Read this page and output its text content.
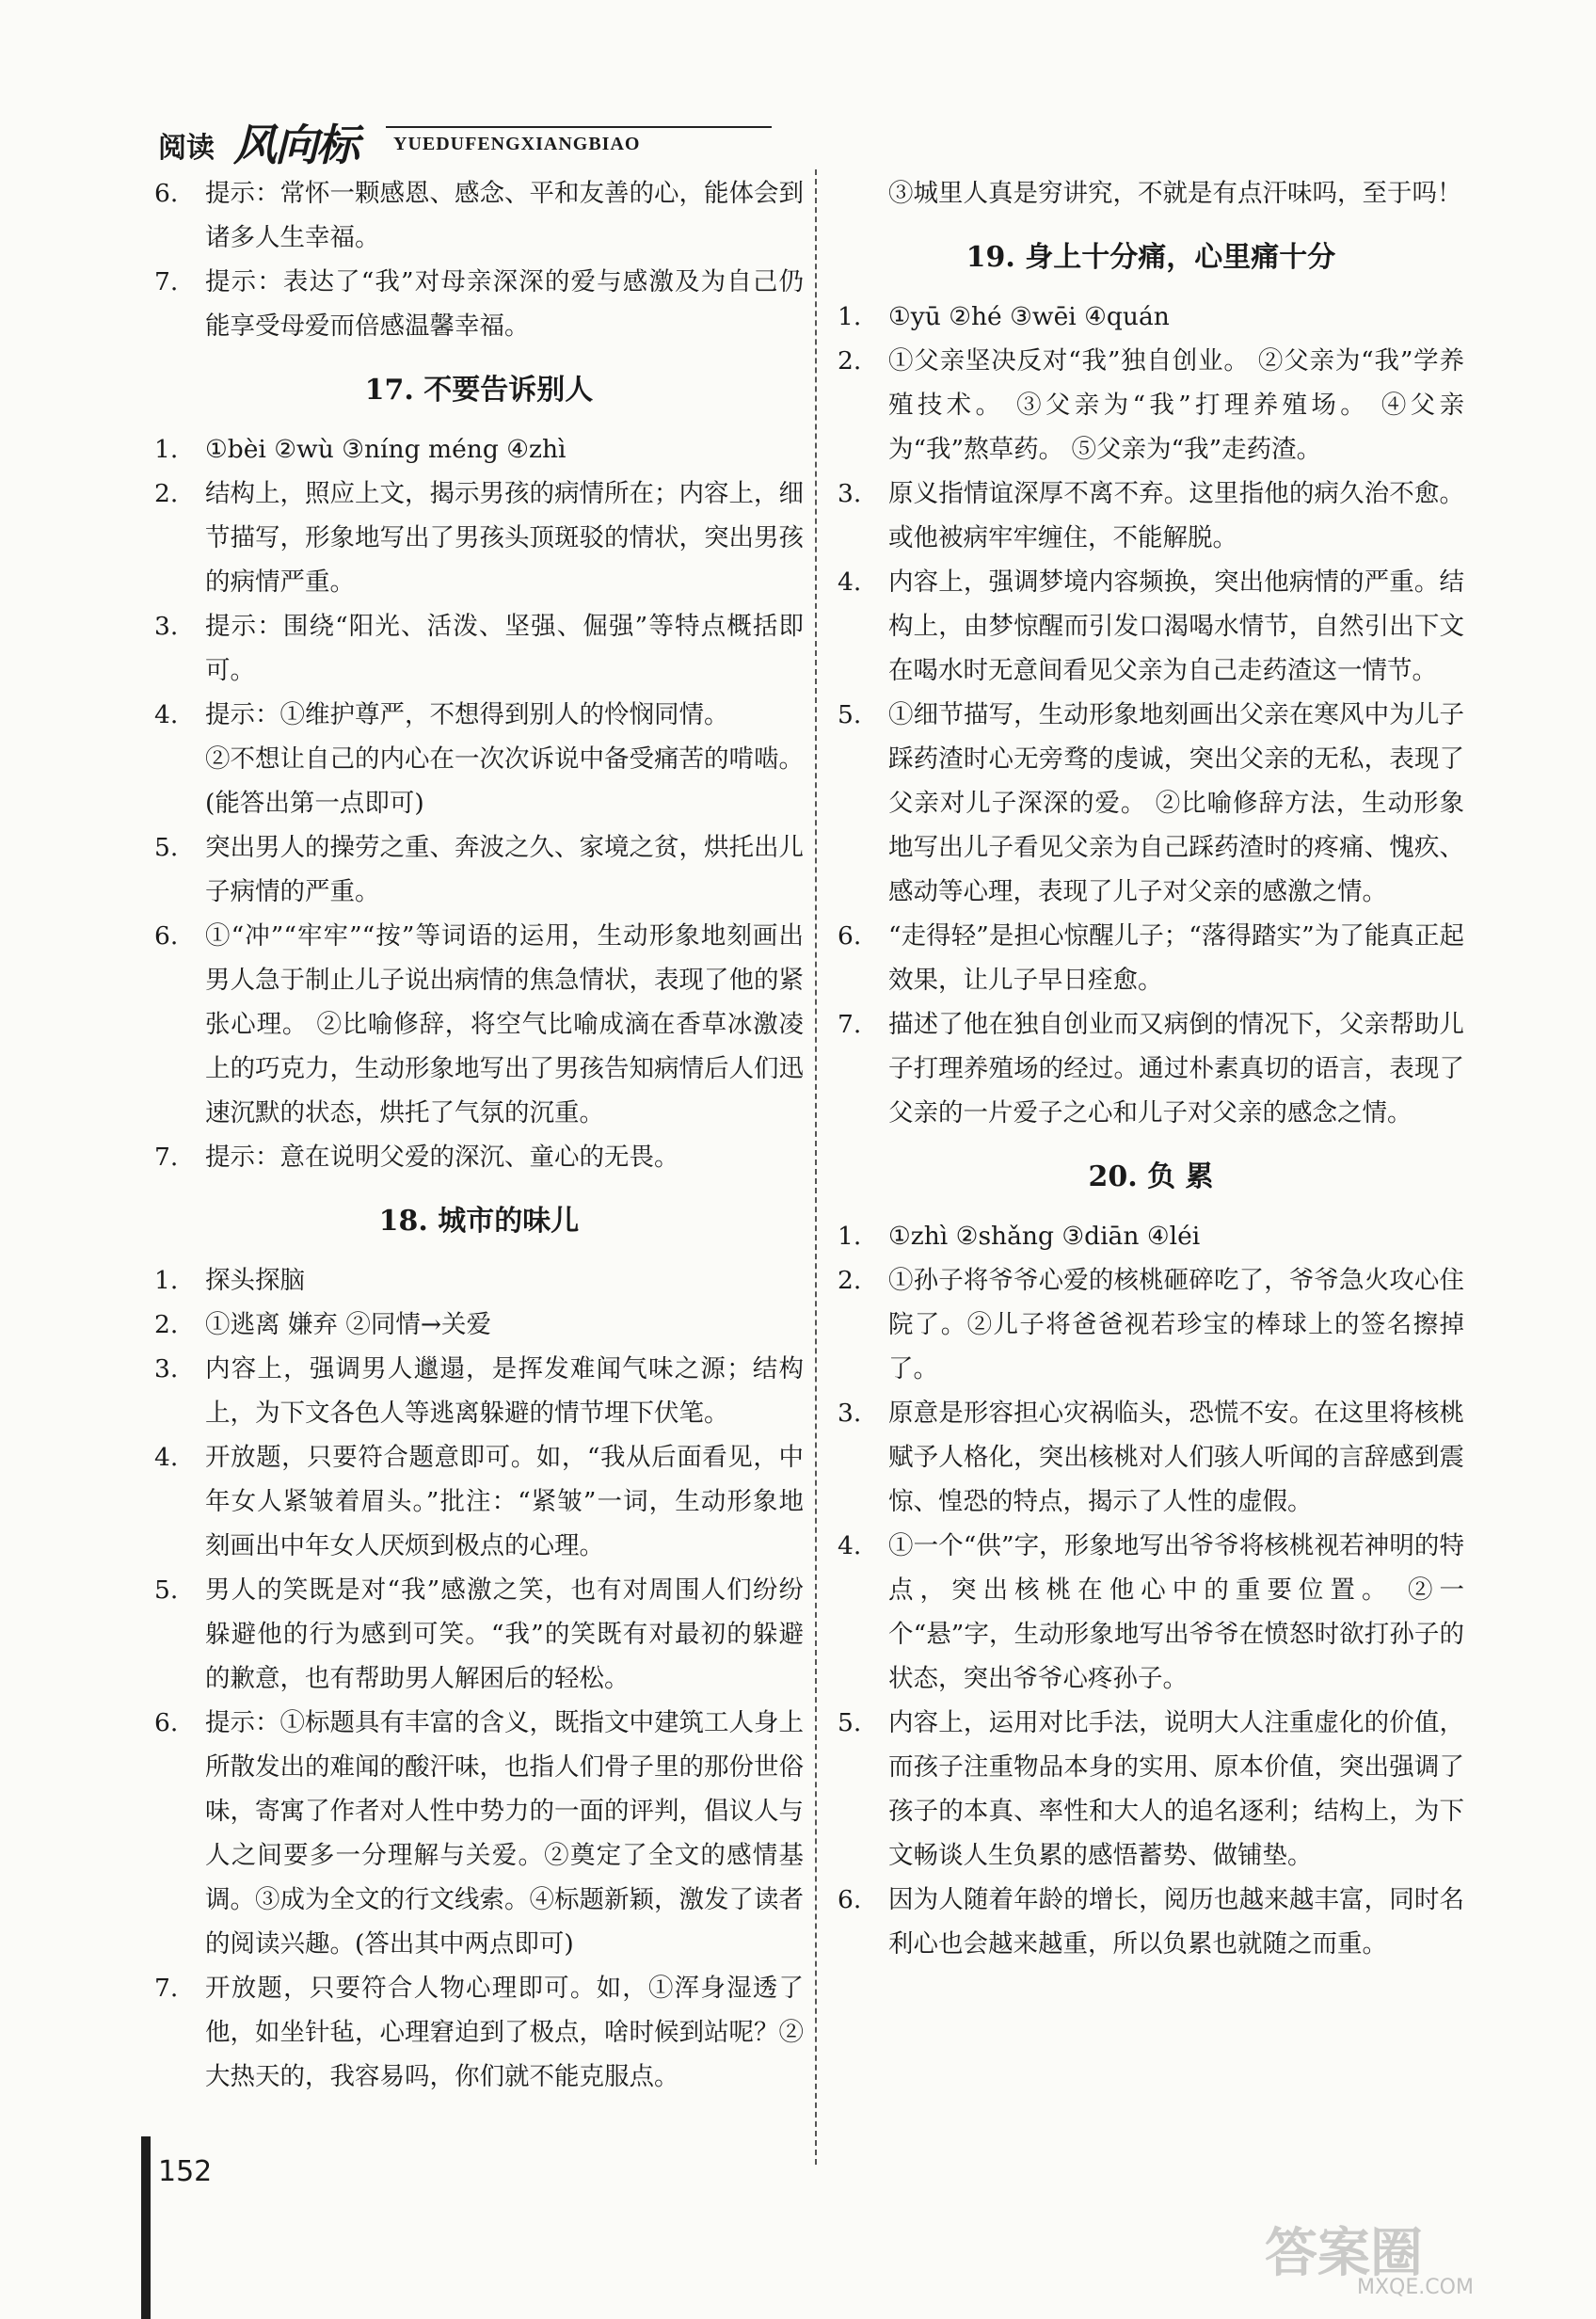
阅读 风向标 YUEDUFENGXIANGBIAO
6.	提示：常怀一颗感恩、感念、平和友善的心，能体会到诸多人生幸福。
7.	提示：表达了“我”对母亲深深的爱与感激及为自己仍能享受母爱而倍感温馨幸福。
17. 不要告诉别人
1.	①bèi ②wù ③níng méng ④zhì
2.	结构上，照应上文，揭示男孩的病情所在；内容上，细节描写，形象地写出了男孩头顶斑驳的情状，突出男孩的病情严重。
3.	提示：围绕“阳光、活泼、坚强、倔强”等特点概括即可。
4.	提示：①维护尊严，不想得到别人的怜悯同情。
②不想让自己的内心在一次次诉说中备受痛苦的啃啮。(能答出第一点即可)
5.	突出男人的操劳之重、奔波之久、家境之贫，烘托出儿子病情的严重。
6.	①“冲”“牢牢”“按”等词语的运用，生动形象地刻画出男人急于制止儿子说出病情的焦急情状，表现了他的紧张心理。 ②比喻修辞，将空气比喻成滴在香草冰激凌上的巧克力，生动形象地写出了男孩告知病情后人们迅速沉默的状态，烘托了气氛的沉重。
7.	提示：意在说明父爱的深沉、童心的无畏。
18. 城市的味儿
1.	探头探脑
2.	①逃离 嫌弃 ②同情→关爱
3.	内容上，强调男人邋遢，是挥发难闻气味之源；结构上，为下文各色人等逃离躲避的情节埋下伏笔。
4.	开放题，只要符合题意即可。如，“我从后面看见，中年女人紧皱着眉头。”批注：“紧皱”一词，生动形象地刻画出中年女人厌烦到极点的心理。
5.	男人的笑既是对“我”感激之笑，也有对周围人们纷纷躲避他的行为感到可笑。“我”的笑既有对最初的躲避的歉意，也有帮助男人解困后的轻松。
6.	提示：①标题具有丰富的含义，既指文中建筑工人身上所散发出的难闻的酸汗味，也指人们骨子里的那份世俗味，寄寓了作者对人性中势力的一面的评判，倡议人与人之间要多一分理解与关爱。②奠定了全文的感情基调。③成为全文的行文线索。④标题新颖，激发了读者的阅读兴趣。(答出其中两点即可)
7.	开放题，只要符合人物心理即可。如，①浑身湿透了他，如坐针毡，心理窘迫到了极点，啥时候到站呢？②大热天的，我容易吗，你们就不能克服点。
③城里人真是穷讲究，不就是有点汗味吗，至于吗！
19. 身上十分痛，心里痛十分
1.	①yū ②hé ③wēi ④quán
2.	①父亲坚决反对“我”独自创业。 ②父亲为“我”学养殖技术。 ③父亲为“我”打理养殖场。 ④父亲为“我”熬草药。 ⑤父亲为“我”走药渣。
3.	原义指情谊深厚不离不弃。这里指他的病久治不愈。或他被病牢牢缠住，不能解脱。
4.	内容上，强调梦境内容频换，突出他病情的严重。结构上，由梦惊醒而引发口渴喝水情节，自然引出下文在喝水时无意间看见父亲为自己走药渣这一情节。
5.	①细节描写，生动形象地刻画出父亲在寒风中为儿子踩药渣时心无旁骛的虔诚，突出父亲的无私，表现了父亲对儿子深深的爱。 ②比喻修辞方法，生动形象地写出儿子看见父亲为自己踩药渣时的疼痛、愧疚、感动等心理，表现了儿子对父亲的感激之情。
6.	“走得轻”是担心惊醒儿子；“落得踏实”为了能真正起效果，让儿子早日痊愈。
7.	描述了他在独自创业而又病倒的情况下，父亲帮助儿子打理养殖场的经过。通过朴素真切的语言，表现了父亲的一片爱子之心和儿子对父亲的感念之情。
20. 负 累
1.	①zhì ②shǎng ③diān ④léi
2.	①孙子将爷爷心爱的核桃砸碎吃了，爷爷急火攻心住院了。②儿子将爸爸视若珍宝的棒球上的签名擦掉了。
3.	原意是形容担心灾祸临头，恐慌不安。在这里将核桃赋予人格化，突出核桃对人们骇人听闻的言辞感到震惊、惶恐的特点，揭示了人性的虚假。
4.	①一个“供”字，形象地写出爷爷将核桃视若神明的特点，突出核桃在他心中的重要位置。 ②一个“悬”字，生动形象地写出爷爷在愤怒时欲打孙子的状态，突出爷爷心疼孙子。
5.	内容上，运用对比手法，说明大人注重虚化的价值，而孩子注重物品本身的实用、原本价值，突出强调了孩子的本真、率性和大人的追名逐利；结构上，为下文畅谈人生负累的感悟蓄势、做铺垫。
6.	因为人随着年龄的增长，阅历也越来越丰富，同时名利心也会越来越重，所以负累也就随之而重。
152
答案圈
MXQE.COM
